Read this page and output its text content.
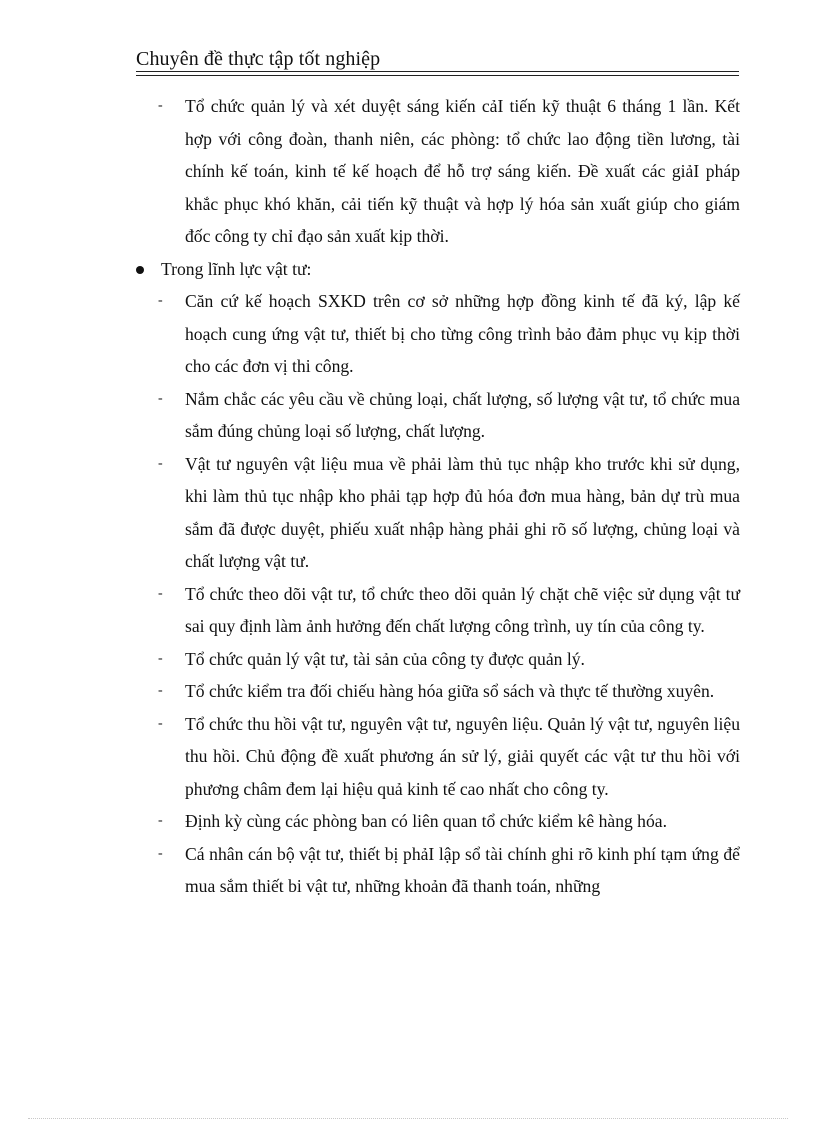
Chuyên đề thực tập tốt nghiệp
- Tổ chức quản lý và xét duyệt sáng kiến cảI tiến kỹ thuật 6 tháng 1 lần. Kết hợp với công đoàn, thanh niên, các phòng: tổ chức lao động tiền lương, tài chính kế toán, kinh tế kế hoạch để hỗ trợ sáng kiến. Đề xuất các giảI pháp khắc phục khó khăn, cải tiến kỹ thuật và hợp lý hóa sản xuất giúp cho giám đốc công ty chỉ đạo sản xuất kịp thời.
Trong lĩnh lực vật tư:
- Căn cứ kế hoạch SXKD trên cơ sở những hợp đồng kinh tế đã ký, lập kế hoạch cung ứng vật tư, thiết bị cho từng công trình bảo đảm phục vụ kịp thời cho các đơn vị thi công.
- Nắm chắc các yêu cầu về chủng loại, chất lượng, số lượng vật tư, tổ chức mua sắm đúng chủng loại số lượng, chất lượng.
- Vật tư nguyên vật liệu mua về phải làm thủ tục nhập kho trước khi sử dụng, khi làm thủ tục nhập kho phải tạp hợp đủ hóa đơn mua hàng, bản dự trù mua sắm đã được duyệt, phiếu xuất nhập hàng phải ghi rõ số lượng, chủng loại và chất lượng vật tư.
- Tổ chức theo dõi vật tư, tổ chức theo dõi quản lý chặt chẽ việc sử dụng vật tư sai quy định làm ảnh hưởng đến chất lượng công trình, uy tín của công ty.
- Tổ chức quản lý vật tư, tài sản của công ty được quản lý.
- Tổ chức kiểm tra đối chiếu hàng hóa giữa sổ sách và thực tế thường xuyên.
- Tổ chức thu hồi vật tư, nguyên vật tư, nguyên liệu. Quản lý vật tư, nguyên liệu thu hồi. Chủ động đề xuất phương án sử lý, giải quyết các vật tư thu hồi với phương châm đem lại hiệu quả kinh tế cao nhất cho công ty.
- Định kỳ cùng các phòng ban có liên quan tổ chức kiểm kê hàng hóa.
- Cá nhân cán bộ vật tư, thiết bị phảI lập sổ tài chính ghi rõ kinh phí tạm ứng để mua sắm thiết bi vật tư, những khoản đã thanh toán, những
